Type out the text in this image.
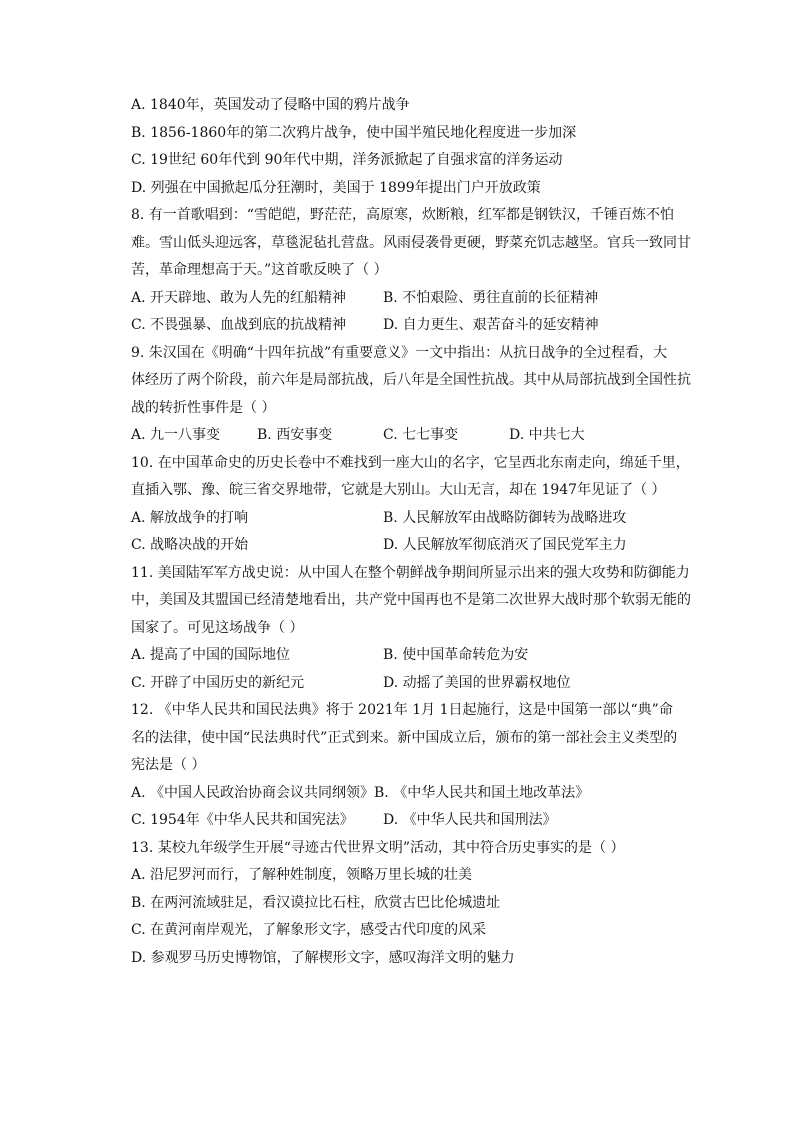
A. 1840年，英国发动了侵略中国的鸦片战争
B. 1856-1860年的第二次鸦片战争，使中国半殖民地化程度进一步加深
C. 19世纪 60年代到 90年代中期，洋务派掀起了自强求富的洋务运动
D. 列强在中国掀起瓜分狂潮时，美国于 1899年提出门户开放政策
8. 有一首歌唱到：“雪皑皑，野茫茫，高原寒，炊断粮，红军都是钢铁汉，千锤百炼不怕
难。雪山低头迎远客，草毯泥毡扎营盘。风雨侵袭骨更硬，野菜充饥志越坚。官兵一致同甘
苦，革命理想高于天。”这首歌反映了（ ）
A. 开天辟地、敢为人先的红船精神	B. 不怕艰险、勇往直前的长征精神
C. 不畏强暴、血战到底的抗战精神	D. 自力更生、艰苦奋斗的延安精神
9. 朱汉国在《明确“十四年抗战”有重要意义》一文中指出：从抗日战争的全过程看，大
体经历了两个阶段，前六年是局部抗战，后八年是全国性抗战。其中从局部抗战到全国性抗
战的转折性事件是（ ）
A. 九一八事变	B. 西安事变	C. 七七事变	D. 中共七大
10. 在中国革命史的历史长卷中不难找到一座大山的名字，它呈西北东南走向，绵延千里，
直插入鄂、豫、皖三省交界地带，它就是大别山。大山无言，却在 1947年见证了（ ）
A. 解放战争的打响	B. 人民解放军由战略防御转为战略进攻
C. 战略决战的开始	D. 人民解放军彻底消灭了国民党军主力
11. 美国陆军军方战史说：从中国人在整个朝鲜战争期间所显示出来的强大攻势和防御能力
中，美国及其盟国已经清楚地看出，共产党中国再也不是第二次世界大战时那个软弱无能的
国家了。可见这场战争（ ）
A. 提高了中国的国际地位	B. 使中国革命转危为安
C. 开辟了中国历史的新纪元	D. 动摇了美国的世界霸权地位
12. 《中华人民共和国民法典》将于 2021年 1月 1日起施行，这是中国第一部以“典”命
名的法律，使中国“民法典时代”正式到来。新中国成立后，颁布的第一部社会主义类型的
宪法是（ ）
A. 《中国人民政治协商会议共同纲领》 B. 《中华人民共和国土地改革法》
C. 1954年《中华人民共和国宪法》	D. 《中华人民共和国刑法》
13. 某校九年级学生开展“寻迹古代世界文明”活动，其中符合历史事实的是（ ）
A. 沿尼罗河而行，了解种姓制度，领略万里长城的壮美
B. 在两河流域驻足，看汉谟拉比石柱，欣赏古巴比伦城遗址
C. 在黄河南岸观光，了解象形文字，感受古代印度的风采
D. 参观罗马历史博物馆，了解楔形文字，感叹海洋文明的魅力
